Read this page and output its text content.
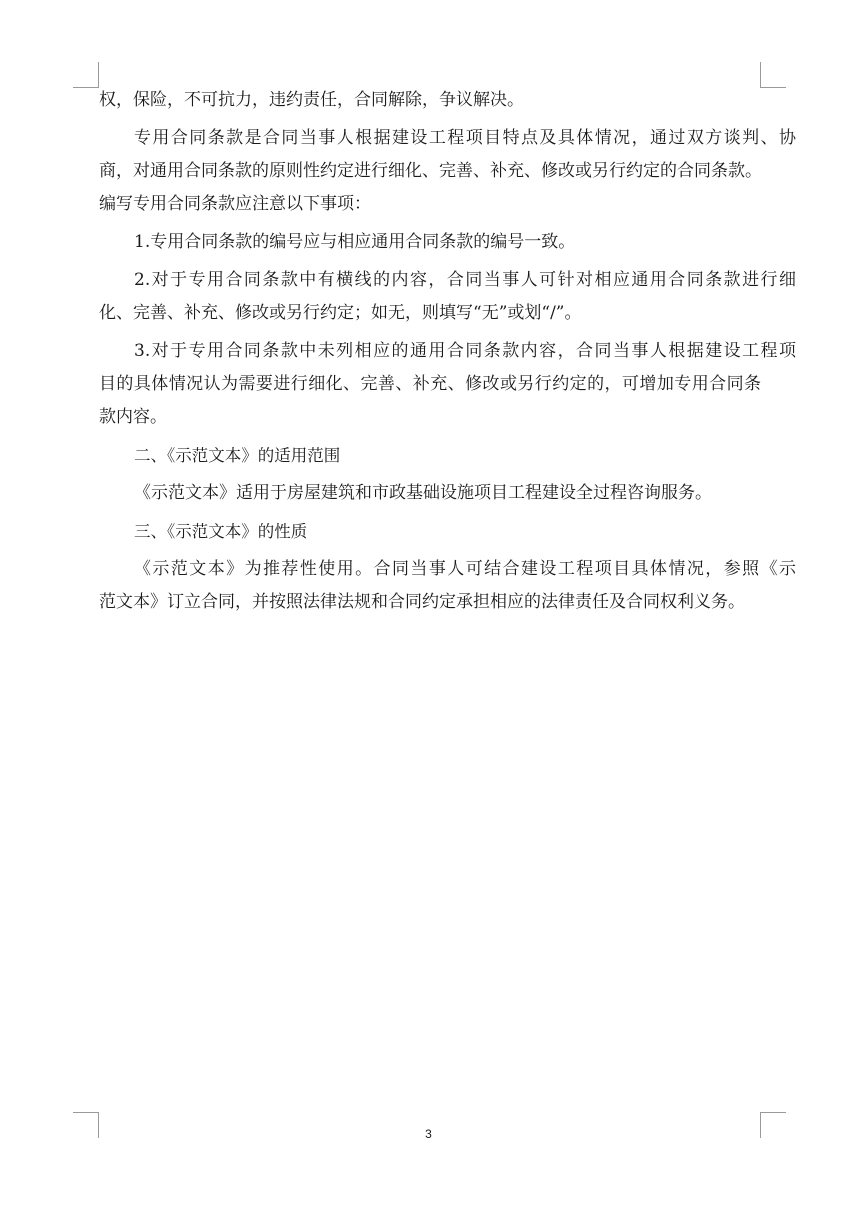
权，保险，不可抗力，违约责任，合同解除，争议解决。
专用合同条款是合同当事人根据建设工程项目特点及具体情况，通过双方谈判、协
商，对通用合同条款的原则性约定进行细化、完善、补充、修改或另行约定的合同条款。
编写专用合同条款应注意以下事项：
1.专用合同条款的编号应与相应通用合同条款的编号一致。
2.对于专用合同条款中有横线的内容，合同当事人可针对相应通用合同条款进行细
化、完善、补充、修改或另行约定；如无，则填写“无”或划“/”。
3.对于专用合同条款中未列相应的通用合同条款内容，合同当事人根据建设工程项
目的具体情况认为需要进行细化、完善、补充、修改或另行约定的，可增加专用合同条
款内容。
二、《示范文本》的适用范围
《示范文本》适用于房屋建筑和市政基础设施项目工程建设全过程咨询服务。
三、《示范文本》的性质
《示范文本》为推荐性使用。合同当事人可结合建设工程项目具体情况，参照《示
范文本》订立合同，并按照法律法规和合同约定承担相应的法律责任及合同权利义务。
3
